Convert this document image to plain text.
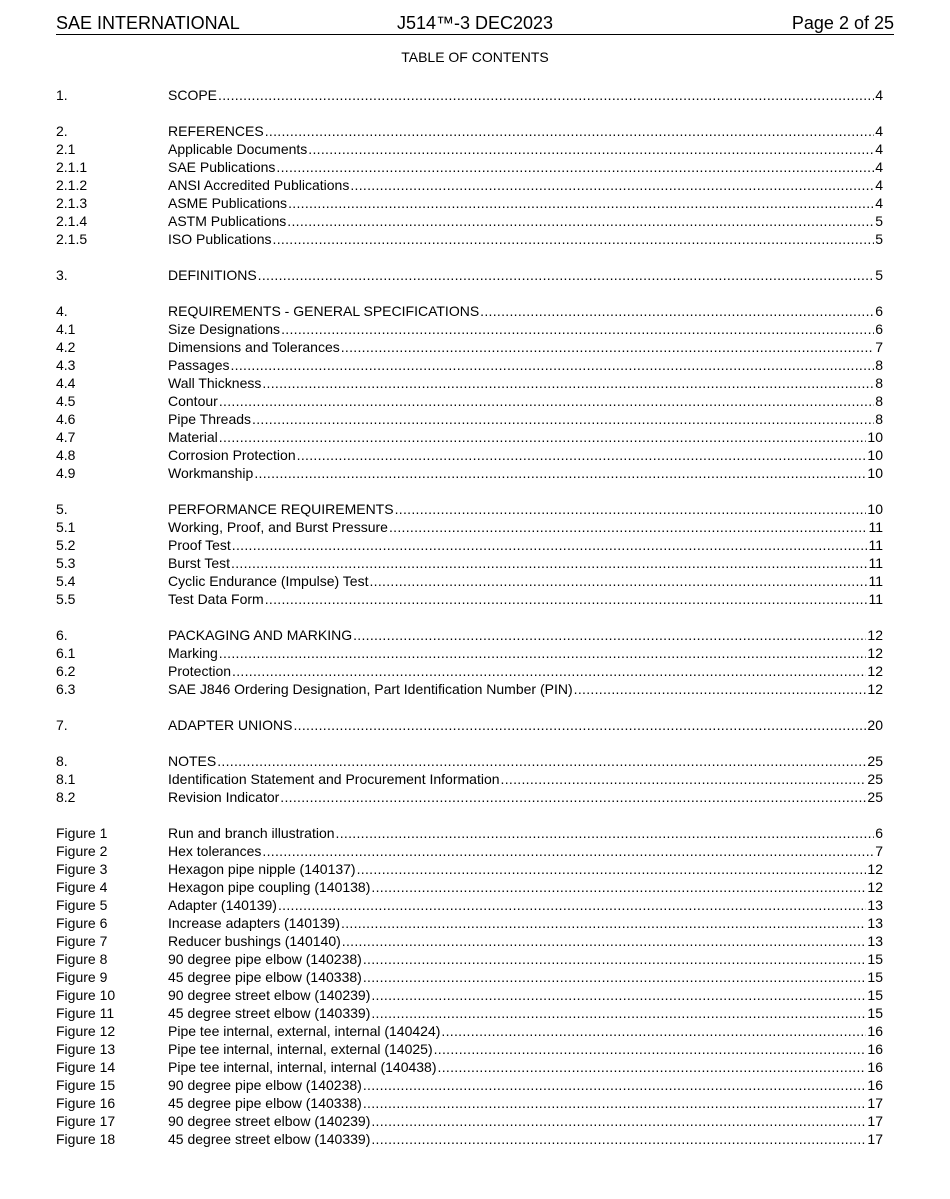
SAE INTERNATIONAL	J514™-3 DEC2023	Page 2 of 25
TABLE OF CONTENTS
1.	SCOPE .....	4
2.	REFERENCES .....	4
2.1	Applicable Documents .....	4
2.1.1	SAE Publications .....	4
2.1.2	ANSI Accredited Publications .....	4
2.1.3	ASME Publications .....	4
2.1.4	ASTM Publications .....	5
2.1.5	ISO Publications .....	5
3.	DEFINITIONS .....	5
4.	REQUIREMENTS - GENERAL SPECIFICATIONS .....	6
4.1	Size Designations .....	6
4.2	Dimensions and Tolerances .....	7
4.3	Passages .....	8
4.4	Wall Thickness .....	8
4.5	Contour .....	8
4.6	Pipe Threads .....	8
4.7	Material .....	10
4.8	Corrosion Protection .....	10
4.9	Workmanship .....	10
5.	PERFORMANCE REQUIREMENTS .....	10
5.1	Working, Proof, and Burst Pressure .....	11
5.2	Proof Test .....	11
5.3	Burst Test .....	11
5.4	Cyclic Endurance (Impulse) Test .....	11
5.5	Test Data Form .....	11
6.	PACKAGING AND MARKING .....	12
6.1	Marking .....	12
6.2	Protection .....	12
6.3	SAE J846 Ordering Designation, Part Identification Number (PIN) .....	12
7.	ADAPTER UNIONS .....	20
8.	NOTES .....	25
8.1	Identification Statement and Procurement Information .....	25
8.2	Revision Indicator .....	25
Figure 1	Run and branch illustration .....	6
Figure 2	Hex tolerances .....	7
Figure 3	Hexagon pipe nipple (140137) .....	12
Figure 4	Hexagon pipe coupling (140138) .....	12
Figure 5	Adapter (140139) .....	13
Figure 6	Increase adapters (140139) .....	13
Figure 7	Reducer bushings (140140) .....	13
Figure 8	90 degree pipe elbow (140238) .....	15
Figure 9	45 degree pipe elbow (140338) .....	15
Figure 10	90 degree street elbow (140239) .....	15
Figure 11	45 degree street elbow (140339) .....	15
Figure 12	Pipe tee internal, external, internal (140424) .....	16
Figure 13	Pipe tee internal, internal, external (14025) .....	16
Figure 14	Pipe tee internal, internal, internal (140438) .....	16
Figure 15	90 degree pipe elbow (140238) .....	16
Figure 16	45 degree pipe elbow (140338) .....	17
Figure 17	90 degree street elbow (140239) .....	17
Figure 18	45 degree street elbow (140339) .....	17
